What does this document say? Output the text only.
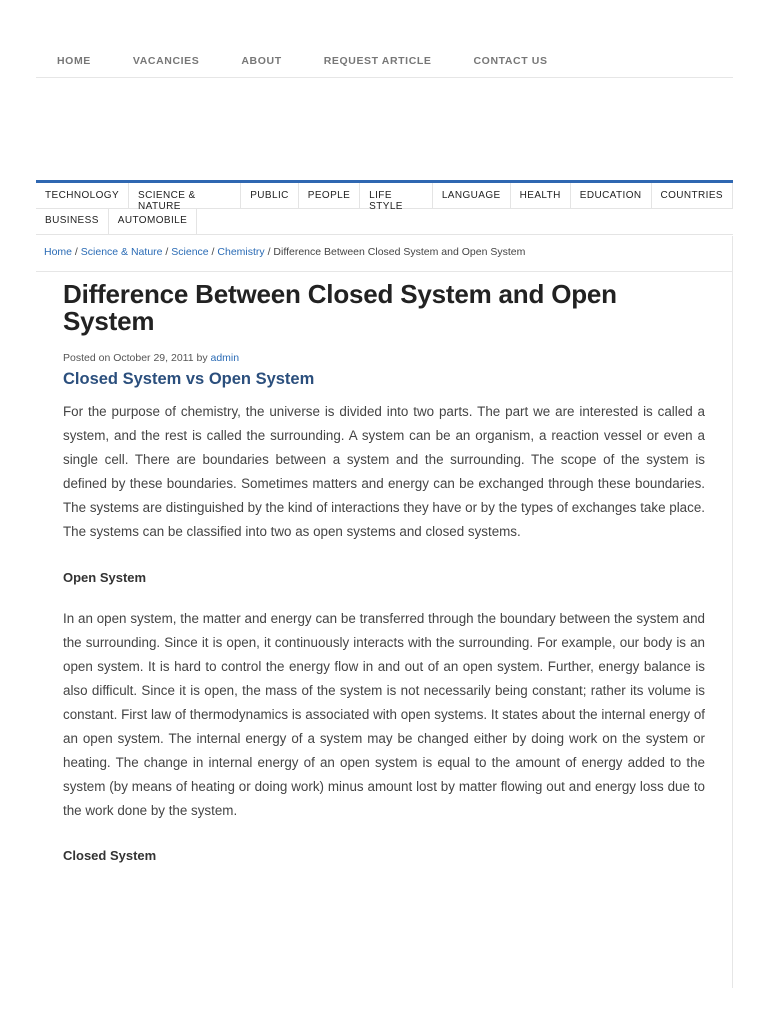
HOME	VACANCIES	ABOUT	REQUEST ARTICLE	CONTACT US
TECHNOLOGY	SCIENCE & NATURE
PUBLIC	PEOPLE	LIFE STYLE
LANGUAGE	HEALTH	EDUCATION	COUNTRIES
BUSINESS	AUTOMOBILE
Home / Science & Nature / Science / Chemistry / Difference Between Closed System and Open System
Difference Between Closed System and Open System
Posted on October 29, 2011 by admin
Closed System vs Open System

For the purpose of chemistry, the universe is divided into two parts. The part we are interested is called a system, and the rest is called the surrounding. A system can be an organism, a reaction vessel or even a single cell. There are boundaries between a system and the surrounding. The scope of the system is defined by these boundaries. Sometimes matters and energy can be exchanged through these boundaries. The systems are distinguished by the kind of interactions they have or by the types of exchanges take place. The systems can be classified into two as open systems and closed systems.

Open System

In an open system, the matter and energy can be transferred through the boundary between the system and the surrounding. Since it is open, it continuously interacts with the surrounding. For example, our body is an open system. It is hard to control the energy flow in and out of an open system. Further, energy balance is also difficult. Since it is open, the mass of the system is not necessarily being constant; rather its volume is constant. First law of thermodynamics is associated with open systems. It states about the internal energy of an open system. The internal energy of a system may be changed either by doing work on the system or heating. The change in internal energy of an open system is equal to the amount of energy added to the system (by means of heating or doing work) minus amount lost by matter flowing out and energy loss due to the work done by the system.

Closed System
